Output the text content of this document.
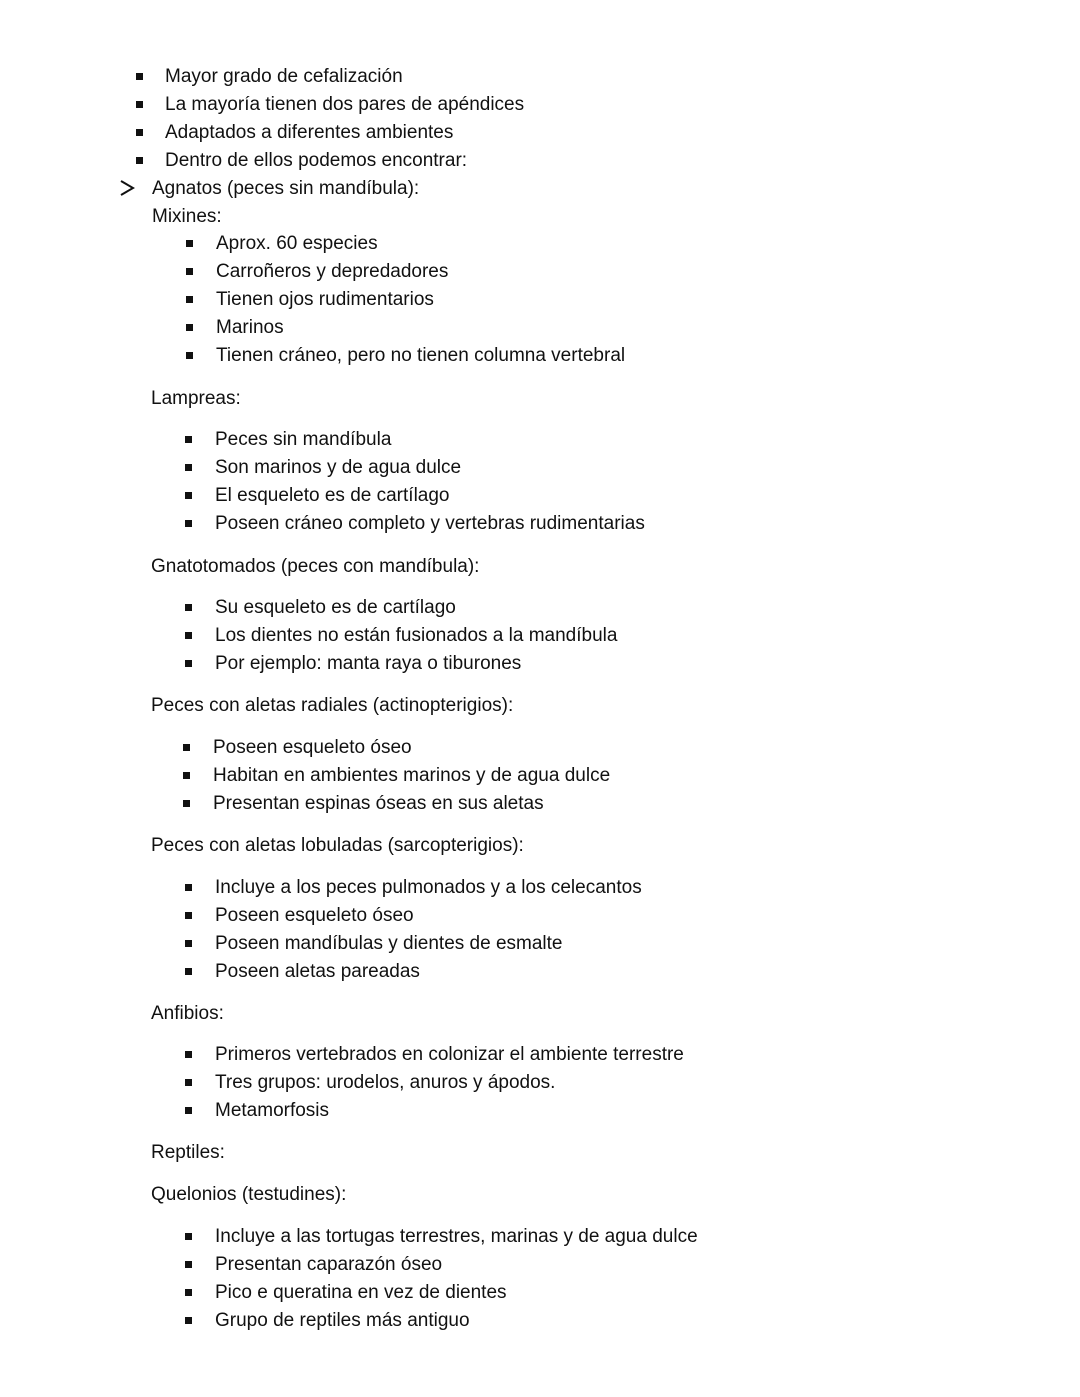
Mayor grado de cefalización
La mayoría tienen dos pares de apéndices
Adaptados a diferentes ambientes
Dentro de ellos podemos encontrar:
Agnatos (peces sin mandíbula):
Mixines:
Aprox. 60 especies
Carroñeros y depredadores
Tienen ojos rudimentarios
Marinos
Tienen cráneo, pero no tienen columna vertebral
Lampreas:
Peces sin mandíbula
Son marinos y de agua dulce
El esqueleto es de cartílago
Poseen cráneo completo y vertebras rudimentarias
Gnatotomados (peces con mandíbula):
Su esqueleto es de cartílago
Los dientes no están fusionados a la mandíbula
Por ejemplo: manta raya o tiburones
Peces con aletas radiales (actinopterigios):
Poseen esqueleto óseo
Habitan en ambientes marinos y de agua dulce
Presentan espinas óseas en sus aletas
Peces con aletas lobuladas (sarcopterigios):
Incluye a los peces pulmonados y a los celecantos
Poseen esqueleto óseo
Poseen mandíbulas y dientes de esmalte
Poseen aletas pareadas
Anfibios:
Primeros vertebrados en colonizar el ambiente terrestre
Tres grupos: urodelos, anuros y ápodos.
Metamorfosis
Reptiles:
Quelonios (testudines):
Incluye a las tortugas terrestres, marinas y de agua dulce
Presentan caparazón óseo
Pico e queratina en vez de dientes
Grupo de reptiles más antiguo
